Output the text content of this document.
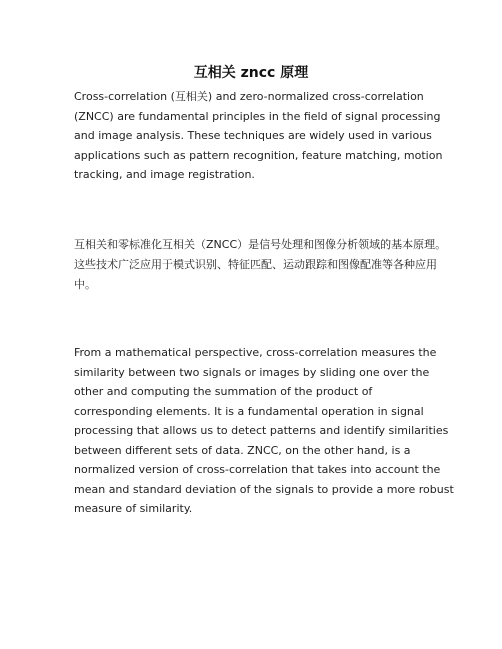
互相关 zncc 原理
Cross-correlation (互相关) and zero-normalized cross-correlation
(ZNCC) are fundamental principles in the field of signal processing
and image analysis. These techniques are widely used in various
applications such as pattern recognition, feature matching, motion
tracking, and image registration.
互相关和零标准化互相关（ZNCC）是信号处理和图像分析领域的基本原理。
这些技术广泛应用于模式识别、特征匹配、运动跟踪和图像配准等各种应用
中。
From a mathematical perspective, cross-correlation measures the
similarity between two signals or images by sliding one over the
other and computing the summation of the product of
corresponding elements. It is a fundamental operation in signal
processing that allows us to detect patterns and identify similarities
between different sets of data. ZNCC, on the other hand, is a
normalized version of cross-correlation that takes into account the
mean and standard deviation of the signals to provide a more robust
measure of similarity.
